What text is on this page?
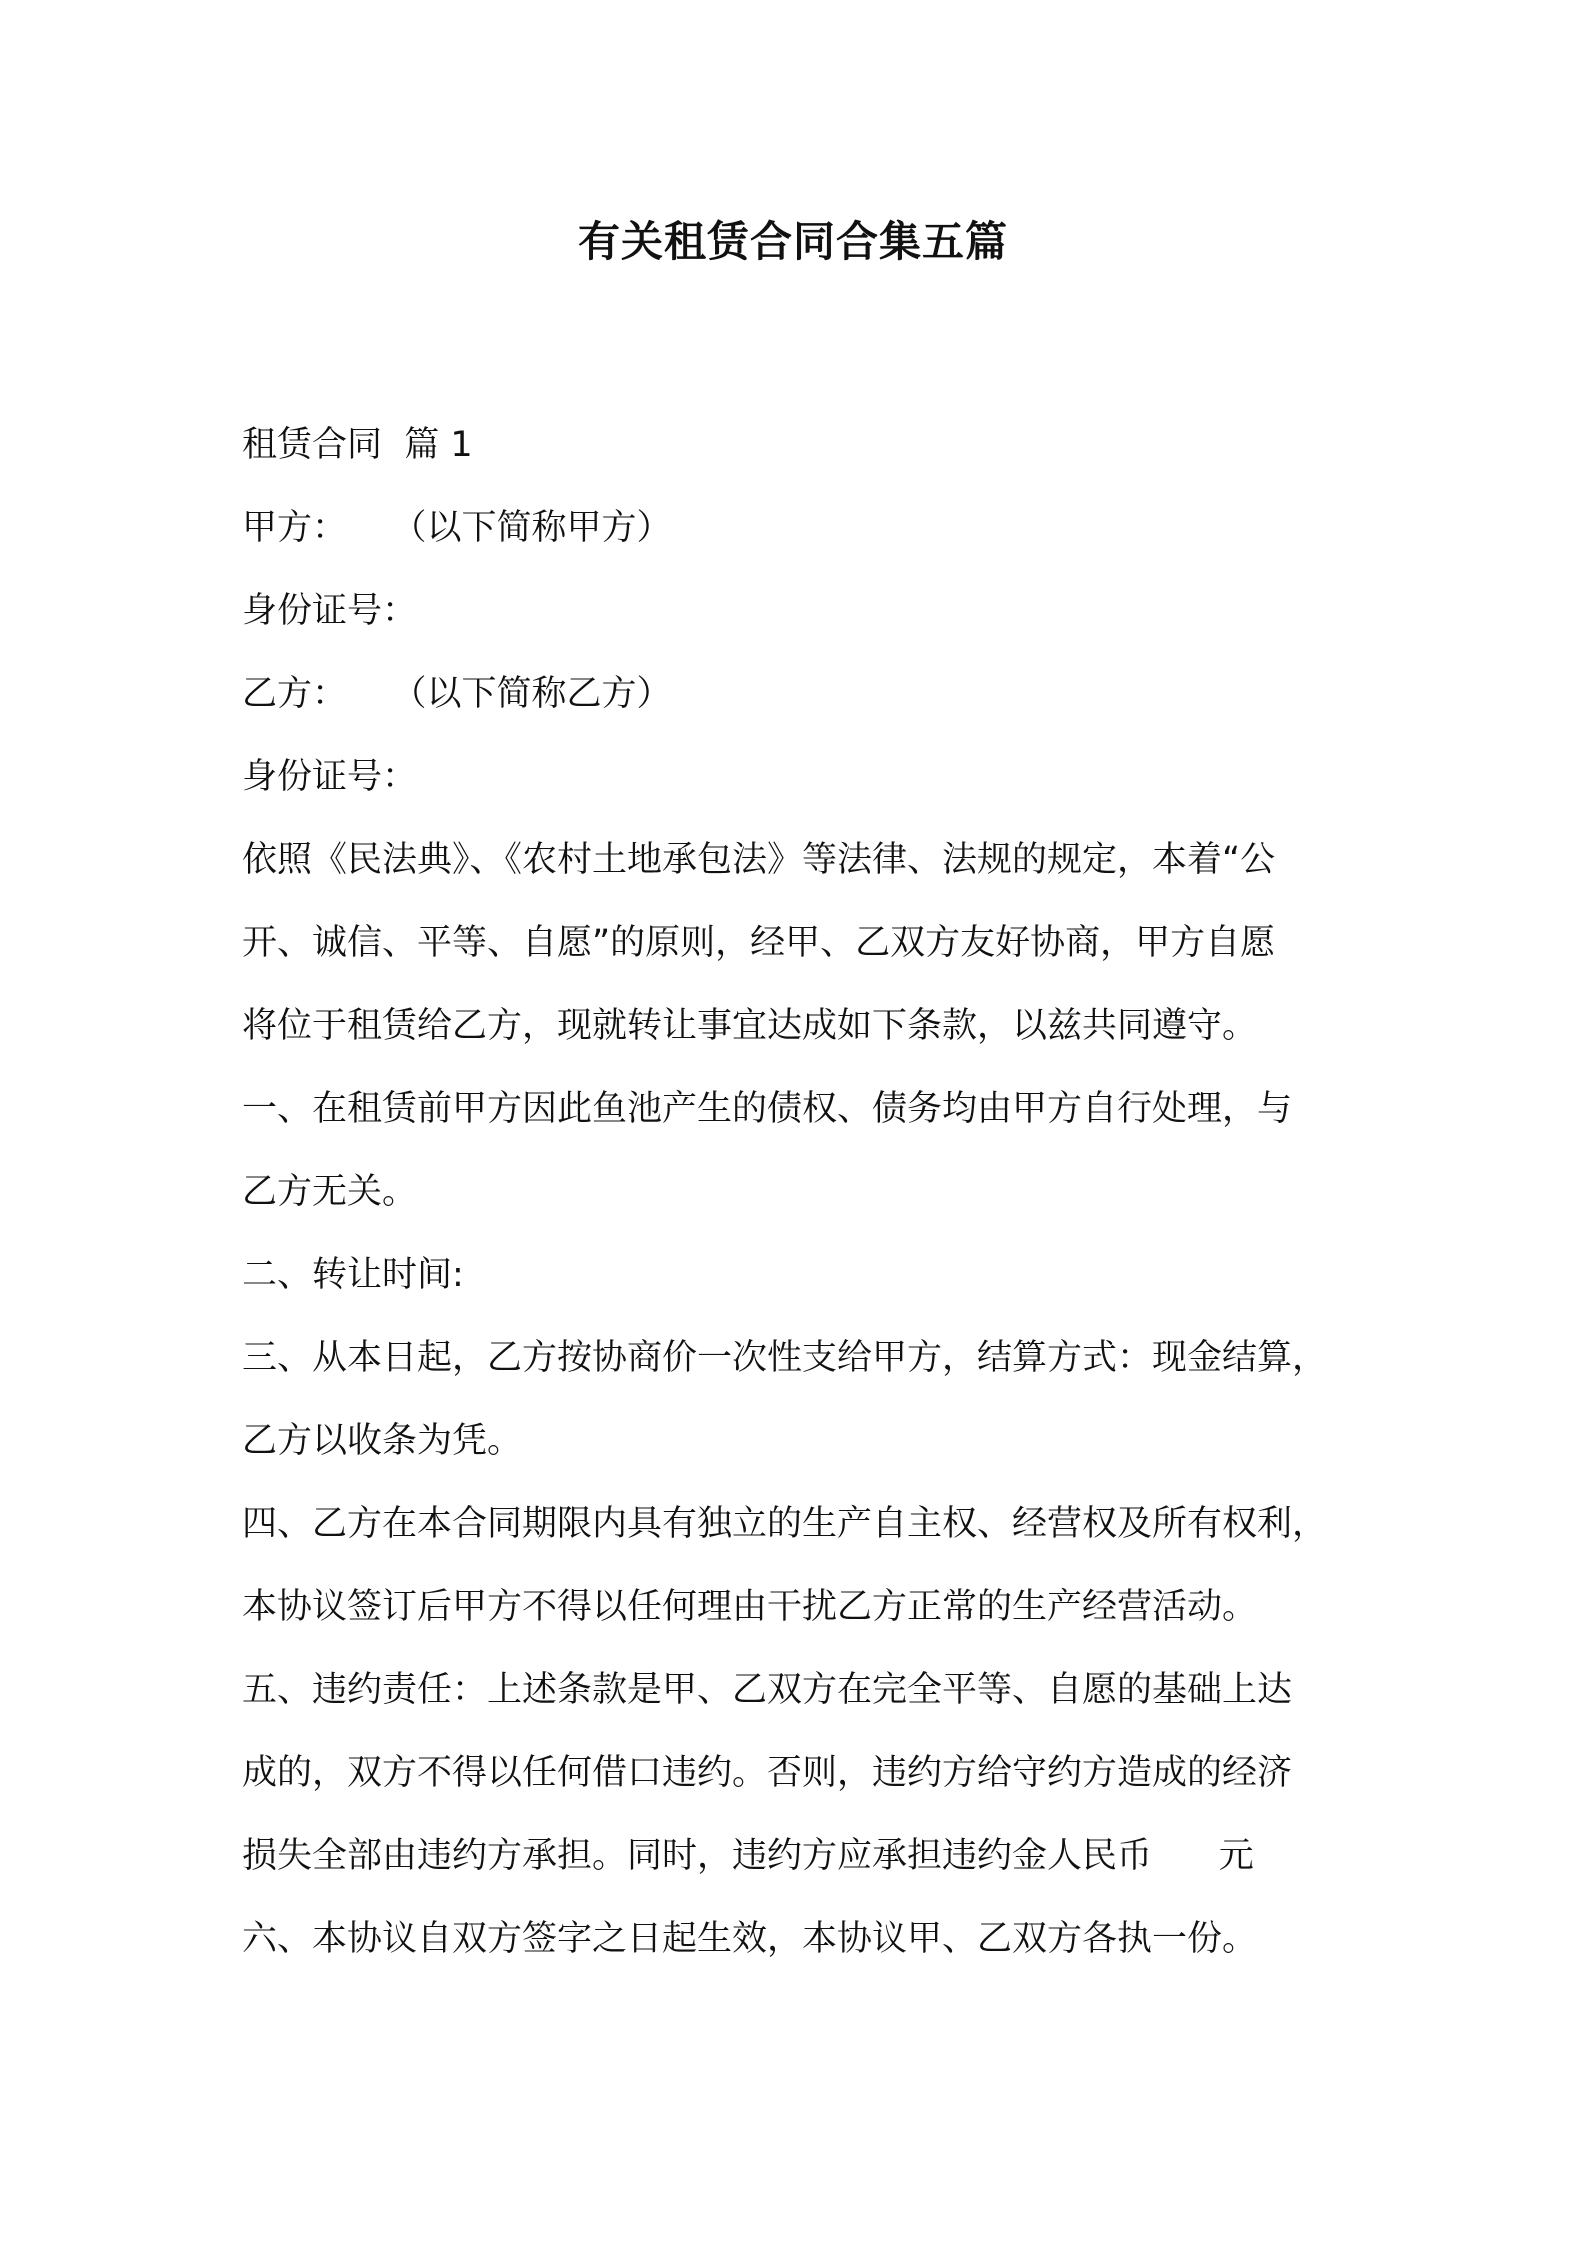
有关租赁合同合集五篇

租赁合同  篇 1

甲方：    （以下简称甲方）

身份证号：

乙方：    （以下简称乙方）

身份证号：

依照《民法典》、《农村土地承包法》等法律、法规的规定，本着“公

开、诚信、平等、自愿”的原则，经甲、乙双方友好协商，甲方自愿

将位于租赁给乙方，现就转让事宜达成如下条款，以兹共同遵守。

一、在租赁前甲方因此鱼池产生的债权、债务均由甲方自行处理，与

乙方无关。

二、转让时间:

三、从本日起，乙方按协商价一次性支给甲方，结算方式：现金结算，

乙方以收条为凭。

四、乙方在本合同期限内具有独立的生产自主权、经营权及所有权利，

本协议签订后甲方不得以任何理由干扰乙方正常的生产经营活动。

五、违约责任：上述条款是甲、乙双方在完全平等、自愿的基础上达

成的，双方不得以任何借口违约。否则，违约方给守约方造成的经济

损失全部由违约方承担。同时，违约方应承担违约金人民币      元

六、本协议自双方签字之日起生效，本协议甲、乙双方各执一份。
